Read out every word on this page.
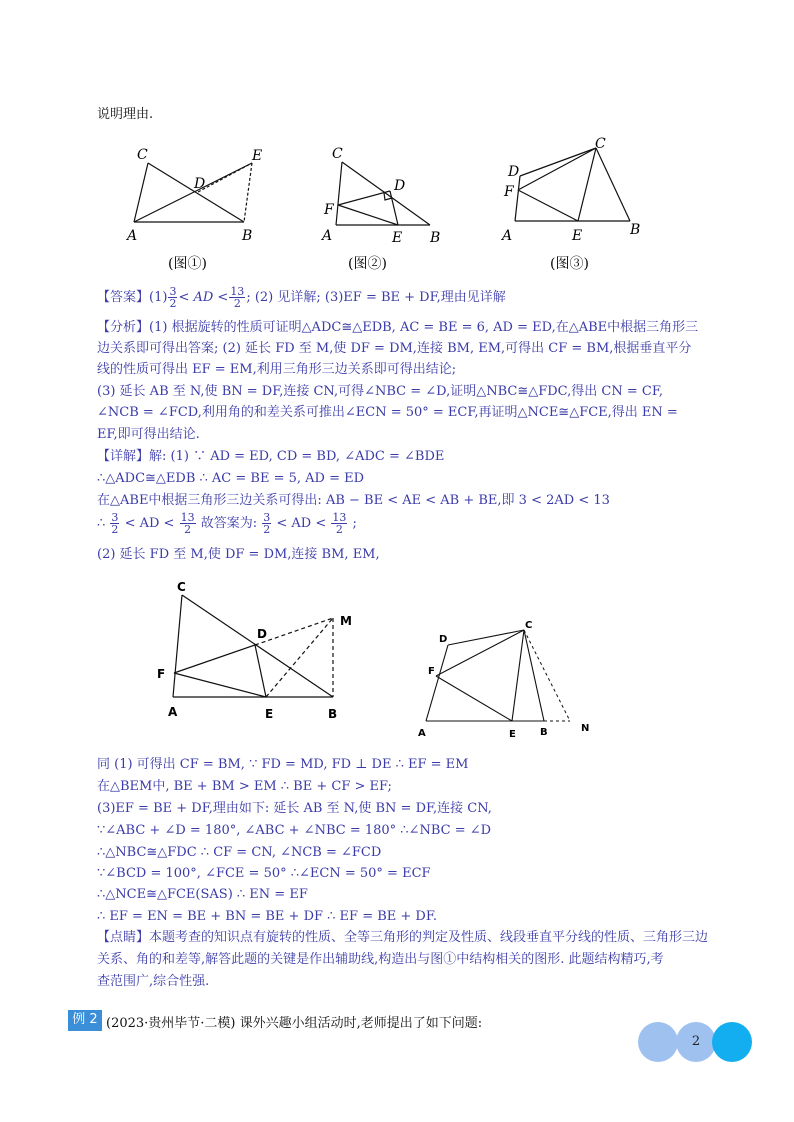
说明理由.
C
D
E
A	B
(图①)
C
D
F
A	E B
(图②)
D
C
F
A	E	B
(图③)
【答案】$(1) \frac{3}{2}$ < AD < $\frac{13}{2}$ ; (2) 见详解; (3)EF = BE + DF,理由见详解
【分析】(1) 根据旋转的性质可证明△ADC≅△EDB, AC = BE = 6, AD = ED,在△ABE中根据三角形三
边关系即可得出答案; (2) 延长 FD 至 M,使 DF = DM,连接 BM, EM,可得出 CF = BM,根据垂直平分
线的性质可得出 EF = EM,利用三角形三边关系即可得出结论;
(3) 延长 AB 至 N,使 BN = DF,连接 CN,可得∠NBC = ∠D,证明△NBC≅△FDC,得出 CN = CF,
∠NCB = ∠FCD,利用角的和差关系可推出∠ECN = 50° = ECF,再证明△NCE≅△FCE,得出 EN =
EF,即可得出结论.
【详解】解: (1) ∵ AD = ED, CD = BD, ∠ADC = ∠BDE
∴△ADC≅△EDB ∴ AC = BE = 5, AD = ED
在△ABE中根据三角形三边关系可得出: AB − BE < AE < AB + BE,即 3 < 2AD < 13
∴ $\frac{3}{2}$ < AD < $\frac{13}{2}$ 故答案为: $\frac{3}{2}$ < AD < $\frac{13}{2}$ ;
(2) 延长 FD 至 M,使 DF = DM,连接 BM, EM,
C
D
M
F
A	E	B
D
C
F
A	E B	N
同 (1) 可得出 CF = BM, ∵ FD = MD, FD ⊥ DE ∴ EF = EM
在△BEM中, BE + BM > EM ∴ BE + CF > EF;
(3)EF = BE + DF,理由如下: 延长 AB 至 N,使 BN = DF,连接 CN,
∵∠ABC + ∠D = 180°, ∠ABC + ∠NBC = 180° ∴∠NBC = ∠D
∴△NBC≅△FDC ∴ CF = CN, ∠NCB = ∠FCD
∵∠BCD = 100°, ∠FCE = 50° ∴∠ECN = 50° = ECF
∴△NCE≅△FCE(SAS) ∴ EN = EF
∴ EF = EN = BE + BN = BE + DF ∴ EF = BE + DF.
【点睛】本题考查的知识点有旋转的性质、全等三角形的判定及性质、线段垂直平分线的性质、三角形三边
关系、角的和差等,解答此题的关键是作出辅助线,构造出与图①中结构相关的图形. 此题结构精巧,考
查范围广,综合性强.
例 2 (2023·贵州毕节·二模) 课外兴趣小组活动时,老师提出了如下问题:
2
